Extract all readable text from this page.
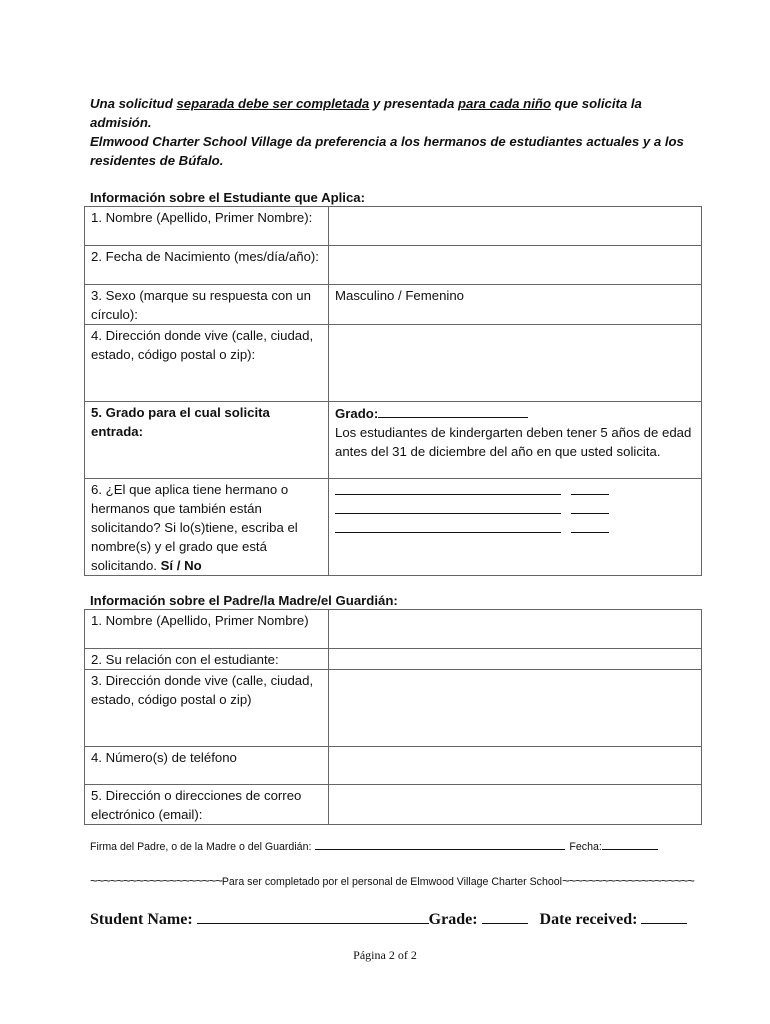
Una solicitud separada debe ser completada y presentada para cada niño que solicita la admisión.
Elmwood Charter School Village da preferencia a los hermanos de estudiantes actuales y a los residentes de Búfalo.
Información sobre el Estudiante que Aplica:
1. Nombre (Apellido, Primer Nombre):	
2. Fecha de Nacimiento (mes/día/año):	
3. Sexo (marque su respuesta con un círculo):	Masculino / Femenino
4. Dirección donde vive (calle, ciudad, estado, código postal o zip):	
5. Grado para el cual solicita entrada:	Grado:
Los estudiantes de kindergarten deben tener 5 años de edad antes del 31 de diciembre del año en que usted solicita.

6. ¿El que aplica tiene hermano o hermanos que también están solicitando? Si lo(s)tiene, escriba el nombre(s) y el grado que está solicitando. Sí / No	
Información sobre el Padre/la Madre/el Guardián:
1. Nombre (Apellido, Primer Nombre)	
2. Su relación con el estudiante:	
3. Dirección donde vive (calle, ciudad, estado, código postal o zip)	
4. Número(s) de teléfono	
5. Dirección o direcciones de correo electrónico (email):	
Firma del Padre, o de la Madre o del Guardián:	Fecha:
~~~~~~~~~~~~~~~~~~~~Para ser completado por el personal de Elmwood Village Charter School~~~~~~~~~~~~~~~~~~~~
Student Name:	Grade:	Date received:
Página 2 of 2
